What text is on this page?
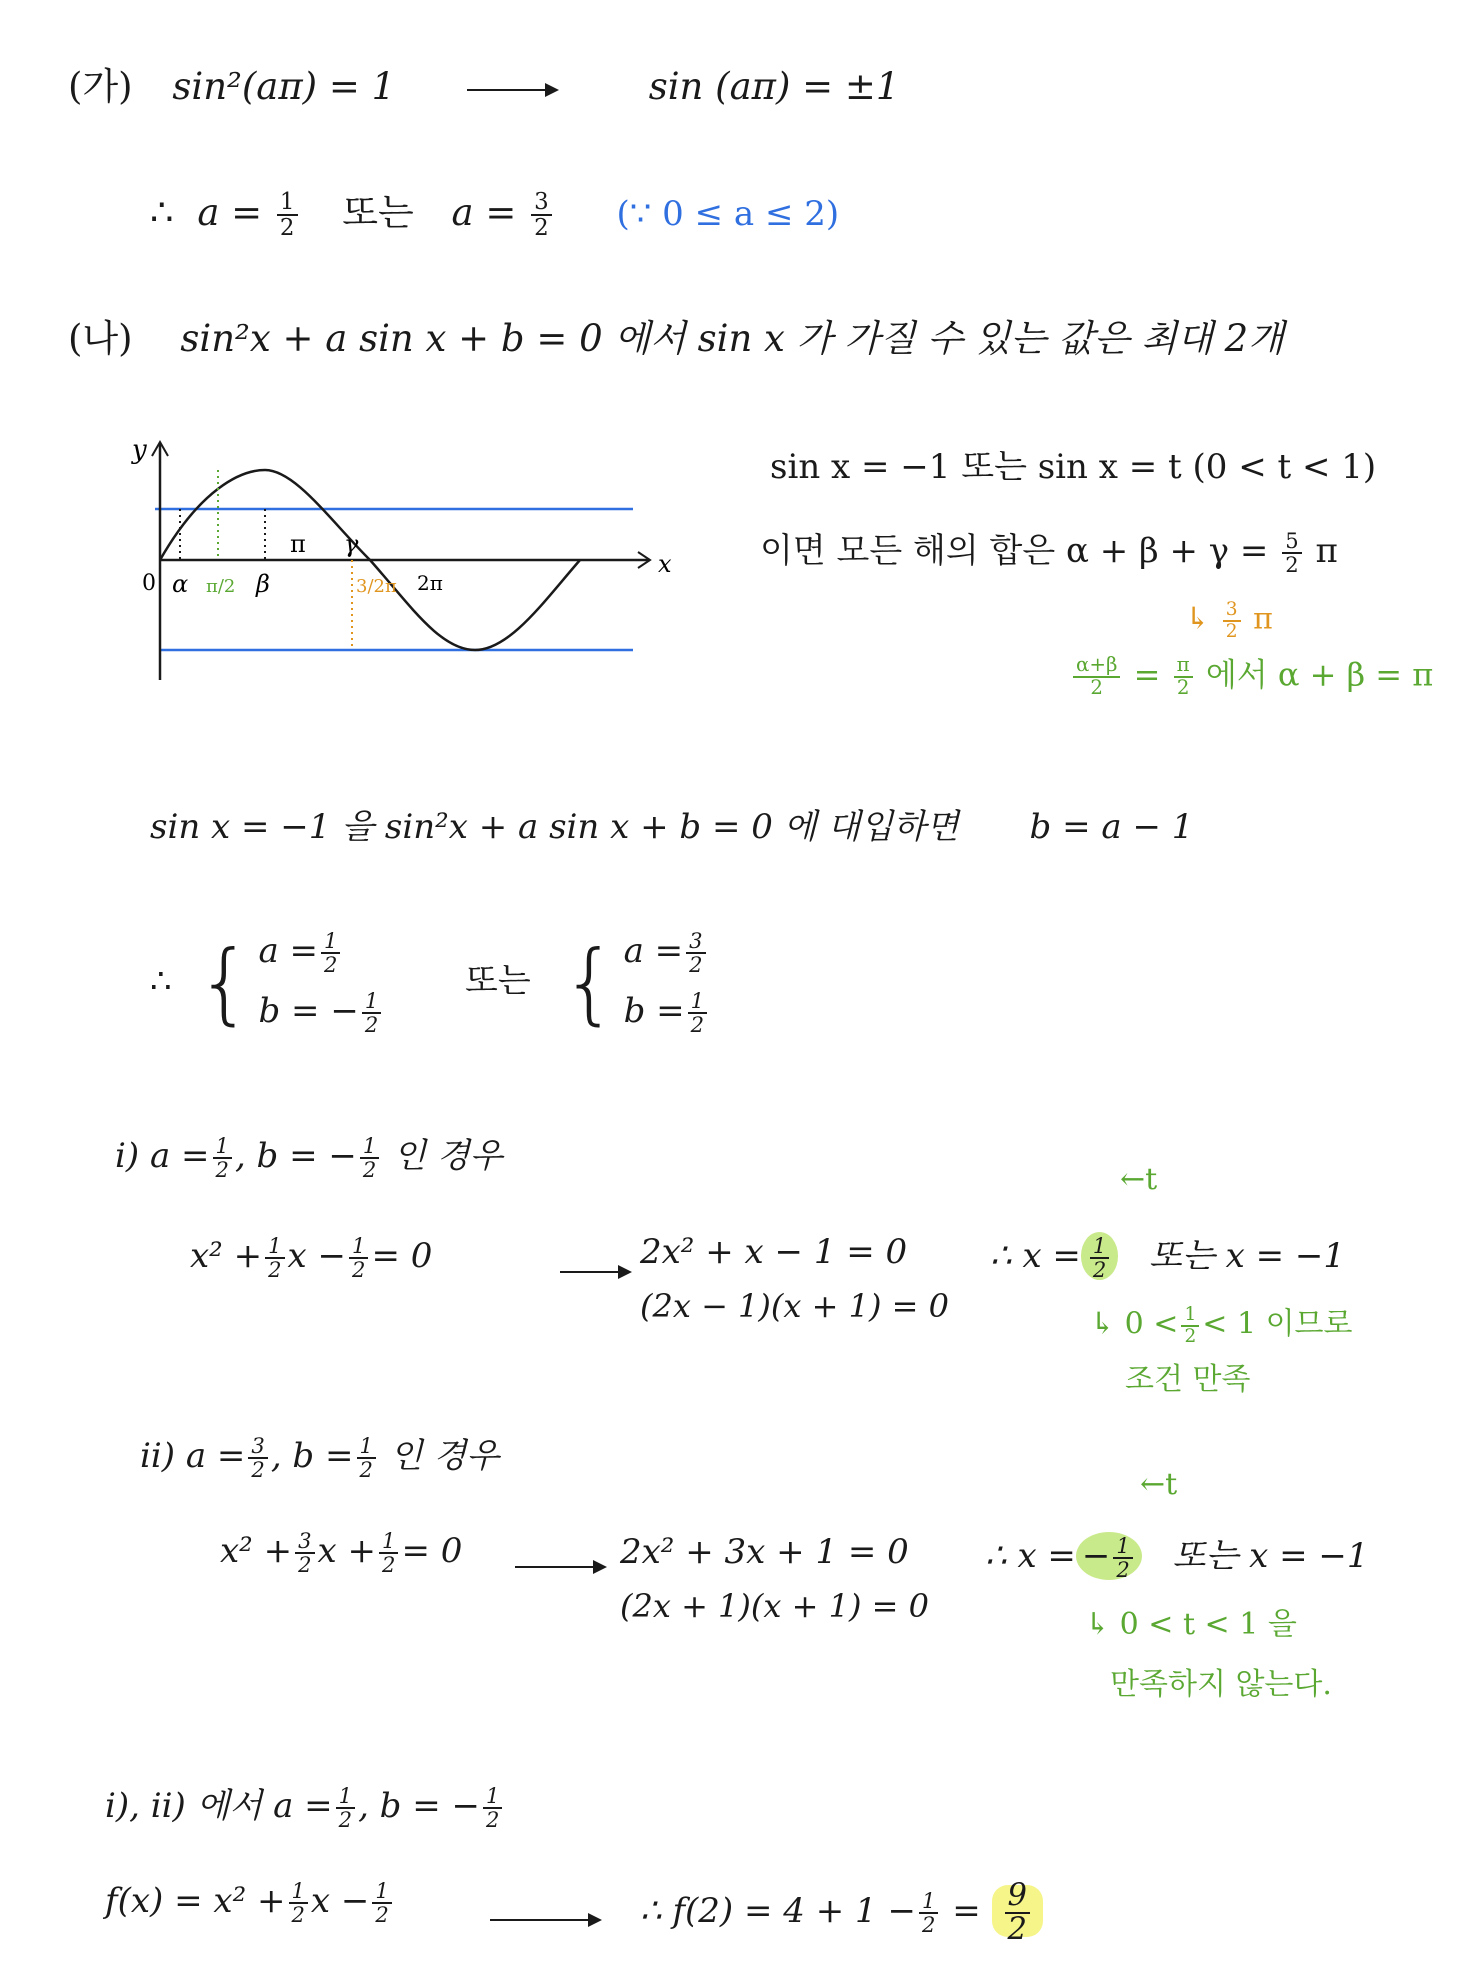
(가) sin²(aπ) = 1	sin (aπ) = ±1
∴ $a = \frac{1}{2}$ 또는 $a = \frac{3}{2}$ (∵ 0 ≤ a ≤ 2)
(나) sin²x + a sin x + b = 0 에서 sin x 가 가질 수 있는 값은 최대 2개
y
x
0 α π/2 β
π γ
3/2π 2π
sin x = −1 또는 sin x = t (0 < t < 1)
이면 모든 해의 합은 $\alpha + \beta + \gamma = \frac{5}{2}$ π
↳ $\frac{3}{2}$ π
$\frac{\alpha+\beta}{2} = \frac{\pi}{2}$ 에서 α + β = π
sin x = −1 을 sin²x + a sin x + b = 0 에 대입하면 b = a − 1
∴ { $a = \frac{1}{2}$
b = − $\frac{1}{2}$
또는 { $a = \frac{3}{2}$
$b = \frac{1}{2}$
i) $a = \frac{1}{2}$ , b = − $\frac{1}{2}$ 인 경우
$x^2 + \frac{1}{2}$ $x - \frac{1}{2} = 0$	2x² + x − 1 = 0
(2x − 1)(x + 1) = 0
←t
∴ $x = \frac{1}{2}$ 또는 x = −1
↳ $0 < \frac{1}{2} < 1$ 이므로
조건 만족
ii) $a = \frac{3}{2}$ , $b = \frac{1}{2}$ 인 경우
$x^2 + \frac{3}{2}$ $x + \frac{1}{2} = 0$	2x² + 3x + 1 = 0
(2x + 1)(x + 1) = 0
←t
∴ x = − $\frac{1}{2}$ 또는 x = −1
↳ 0 < t < 1 을
만족하지 않는다.
i), ii) 에서 $a = \frac{1}{2}$ , b = − $\frac{1}{2}$
$f(x) = x^2 + \frac{1}{2}$ $x - \frac{1}{2}$	∴ $f(2) = 4 + 1 - \frac{1}{2} = \frac{9}{2}$
